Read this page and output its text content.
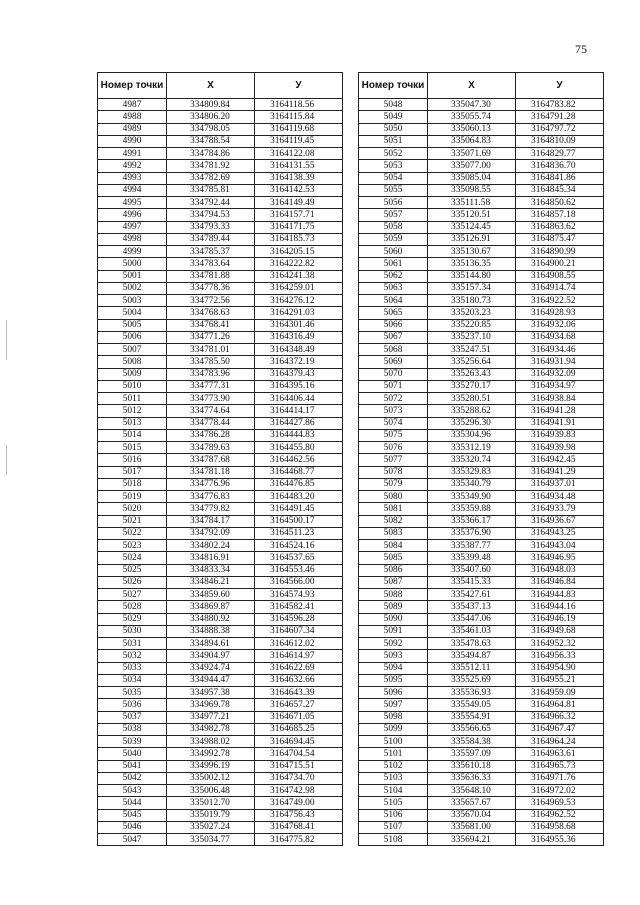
75
Номер точки	X	У
4987	334809.84	3164118.56
4988	334806.20	3164115.84
4989	334798.05	3164119.68
4990	334788.54	3164119.45
4991	334784.86	3164122.08
4992	334781.92	3164131.55
4993	334782.69	3164138.39
4994	334785.81	3164142.53
4995	334792.44	3164149.49
4996	334794.53	3164157.71
4997	334793.33	3164171.75
4998	334789.44	3164185.73
4999	334785.37	3164205.15
5000	334783.64	3164222.82
5001	334781.88	3164241.38
5002	334778.36	3164259.01
5003	334772.56	3164276.12
5004	334768.63	3164291.03
5005	334768.41	3164301.46
5006	334771.26	3164316.49
5007	334781.01	3164348.49
5008	334785.50	3164372.19
5009	334783.96	3164379.43
5010	334777.31	3164395.16
5011	334773.90	3164406.44
5012	334774.64	3164414.17
5013	334778.44	3164427.86
5014	334786.28	3164444.83
5015	334789.63	3164455.80
5016	334787.68	3164462.56
5017	334781.18	3164468.77
5018	334776.96	3164476.85
5019	334776.83	3164483.20
5020	334779.82	3164491.45
5021	334784.17	3164500.17
5022	334792.09	3164511.23
5023	334802.24	3164524.16
5024	334816.91	3164537.65
5025	334833.34	3164553.46
5026	334846.21	3164566.00
5027	334859.60	3164574.93
5028	334869.87	3164582.41
5029	334880.92	3164596.28
5030	334888.38	3164607.34
5031	334894.61	3164612.02
5032	334904.97	3164614.97
5033	334924.74	3164622.69
5034	334944.47	3164632.66
5035	334957.38	3164643.39
5036	334969.78	3164657.27
5037	334977.21	3164671.05
5038	334982.78	3164685.25
5039	334988.02	3164694.45
5040	334992.78	3164704.54
5041	334996.19	3164715.51
5042	335002.12	3164734.70
5043	335006.48	3164742.98
5044	335012.70	3164749.00
5045	335019.79	3164756.43
5046	335027.24	3164768.41
5047	335034.77	3164775.82
Номер точки	X	У
5048	335047.30	3164783.82
5049	335055.74	3164791.28
5050	335060.13	3164797.72
5051	335064.83	3164810.09
5052	335071.69	3164829.77
5053	335077.00	3164836.70
5054	335085.04	3164841.86
5055	335098.55	3164845.34
5056	335111.58	3164850.62
5057	335120.51	3164857.18
5058	335124.45	3164863.62
5059	335126.91	3164875.47
5060	335130.67	3164890.99
5061	335136.35	3164900.21
5062	335144.80	3164908.55
5063	335157.34	3164914.74
5064	335180.73	3164922.52
5065	335203.23	3164928.93
5066	335220.85	3164932.06
5067	335237.10	3164934.68
5068	335247.51	3164934.46
5069	335256.64	3164931.94
5070	335263.43	3164932.09
5071	335270.17	3164934.97
5072	335280.51	3164938.84
5073	335288.62	3164941.28
5074	335296.30	3164941.91
5075	335304.96	3164939.83
5076	335312.19	3164939.98
5077	335320.74	3164942.45
5078	335329.83	3164941.29
5079	335340.79	3164937.01
5080	335349.90	3164934.48
5081	335359.88	3164933.79
5082	335366.17	3164936.67
5083	335376.90	3164943.25
5084	335387.77	3164943.04
5085	335399.48	3164946.95
5086	335407.60	3164948.03
5087	335415.33	3164946.84
5088	335427.61	3164944.83
5089	335437.13	3164944.16
5090	335447.06	3164946.19
5091	335461.03	3164949.68
5092	335478.63	3164952.32
5093	335494.87	3164956.33
5094	335512.11	3164954.90
5095	335525.69	3164955.21
5096	335536.93	3164959.09
5097	335549.05	3164964.81
5098	335554.91	3164966.32
5099	335566.65	3164967.47
5100	335584.38	3164964.24
5101	335597.09	3164963.61
5102	335610.18	3164965.73
5103	335636.33	3164971.76
5104	335648.10	3164972.02
5105	335657.67	3164969.53
5106	335670.04	3164962.52
5107	335681.00	3164958.68
5108	335694.21	3164955.36
